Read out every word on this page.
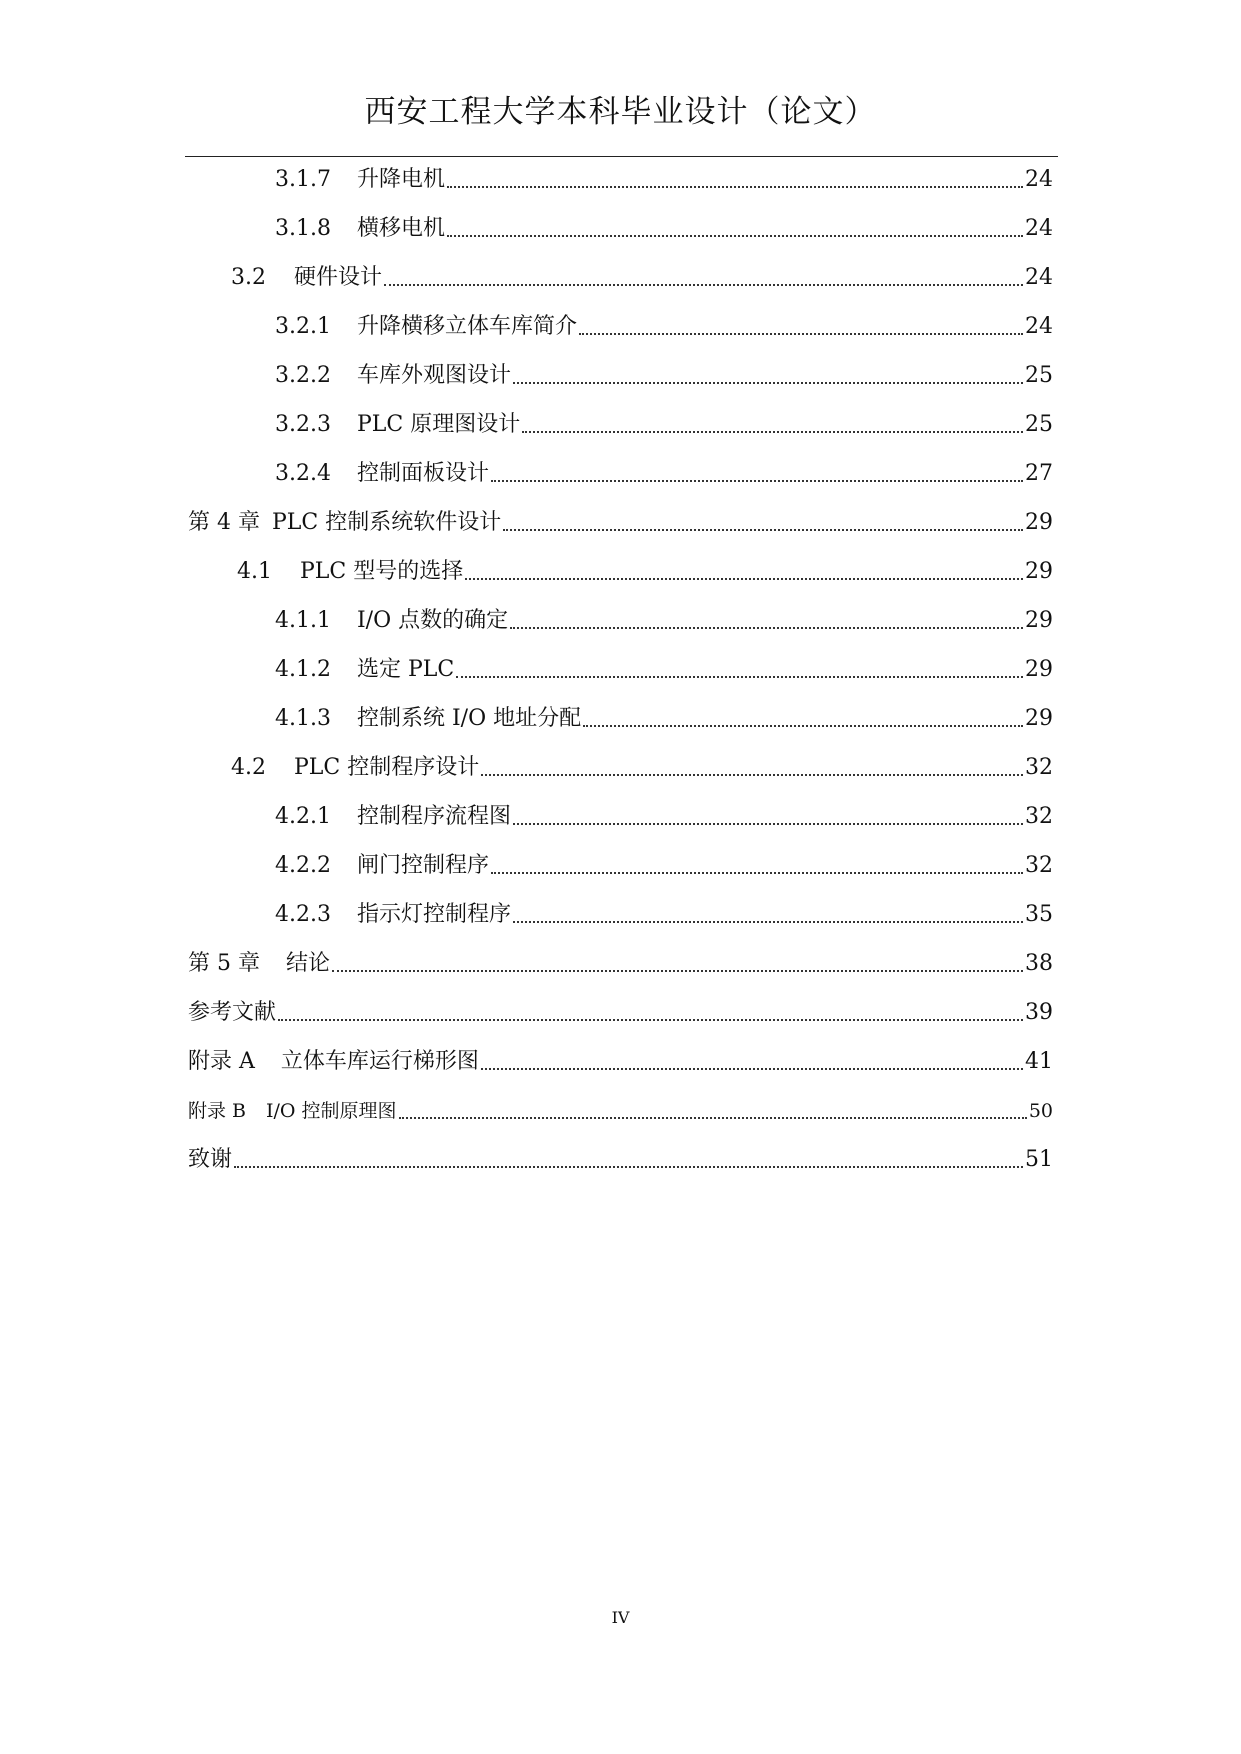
西安工程大学本科毕业设计（论文）
3.1.7 升降电机	24
3.1.8 横移电机	24
3.2 硬件设计	24
3.2.1 升降横移立体车库简介	24
3.2.2 车库外观图设计	25
3.2.3 PLC 原理图设计	25
3.2.4 控制面板设计	27
第 4 章 PLC 控制系统软件设计	29
4.1 PLC 型号的选择	29
4.1.1 I/O 点数的确定	29
4.1.2 选定 PLC	29
4.1.3 控制系统 I/O 地址分配	29
4.2 PLC 控制程序设计	32
4.2.1 控制程序流程图	32
4.2.2 闸门控制程序	32
4.2.3 指示灯控制程序	35
第 5 章 结论	38
参考文献	39
附录 A 立体车库运行梯形图	41
附录 B I/O 控制原理图	50
致谢	51
IV
